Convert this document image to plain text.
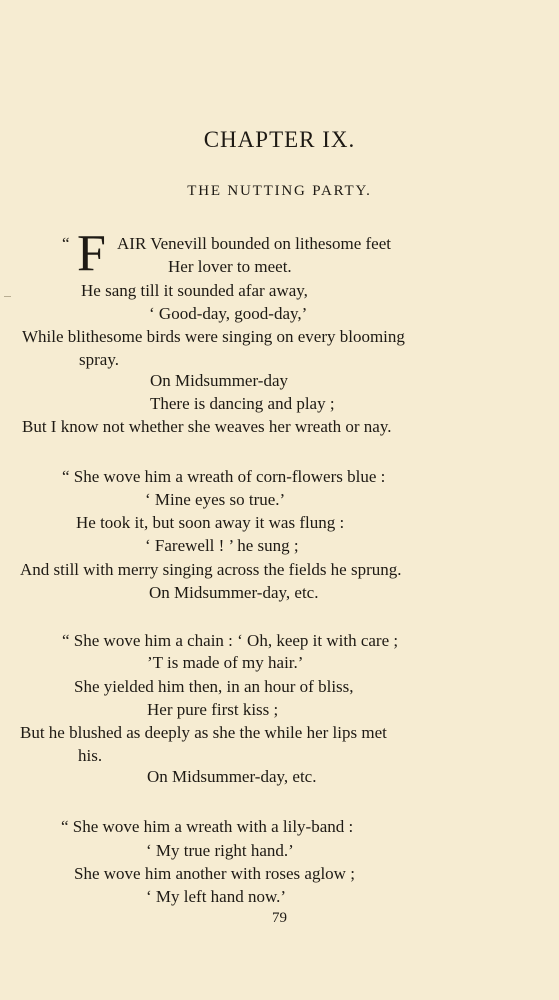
CHAPTER IX.
THE NUTTING PARTY.
“ F AIR Venevill bounded on lithesome feet
Her lover to meet.
He sang till it sounded afar away,
‘ Good-day, good-day,’
While blithesome birds were singing on every blooming
spray.
On Midsummer-day
There is dancing and play ;
But I know not whether she weaves her wreath or nay.
“ She wove him a wreath of corn-flowers blue :
‘ Mine eyes so true.’
He took it, but soon away it was flung :
‘ Farewell ! ’ he sung ;
And still with merry singing across the fields he sprung.
On Midsummer-day, etc.
“ She wove him a chain : ‘ Oh, keep it with care ;
’T is made of my hair.’
She yielded him then, in an hour of bliss,
Her pure first kiss ;
But he blushed as deeply as she the while her lips met
his.
On Midsummer-day, etc.
“ She wove him a wreath with a lily-band :
‘ My true right hand.’
She wove him another with roses aglow ;
‘ My left hand now.’
79
